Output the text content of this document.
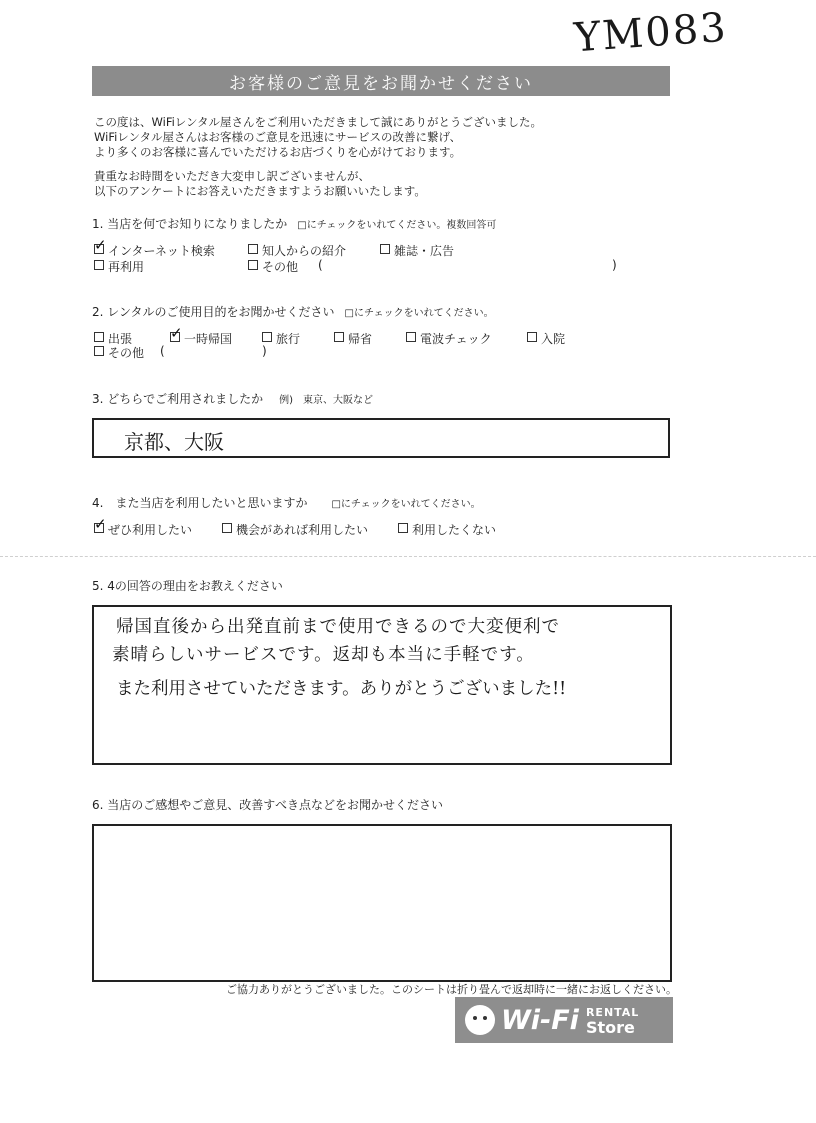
YM083
お客様のご意見をお聞かせください
この度は、WiFiレンタル屋さんをご利用いただきまして誠にありがとうございました。
WiFiレンタル屋さんはお客様のご意見を迅速にサービスの改善に繋げ、
より多くのお客様に喜んでいただけるお店づくりを心がけております。
貴重なお時間をいただき大変申し訳ございませんが、
以下のアンケートにお答えいただきますようお願いいたします。
1. 当店を何でお知りになりましたか □にチェックをいれてください。複数回答可
✓インターネット検索	知人からの紹介	雑誌・広告
再利用	その他 (	)
2. レンタルのご使用目的をお聞かせください □にチェックをいれてください。
出張
✓	一時帰国	旅行	帰省	電波チェック	入院
その他 (	)
3. どちらでご利用されましたか 例)　東京、大阪など
京都、大阪
4.　また当店を利用したいと思いますか □にチェックをいれてください。
✓ぜひ利用したい	機会があれば利用したい	利用したくない
5. 4の回答の理由をお教えください
帰国直後から出発直前まで使用できるので大変便利で
素晴らしいサービスです。返却も本当に手軽です。
また利用させていただきます。ありがとうございました!!
6. 当店のご感想やご意見、改善すべき点などをお聞かせください
ご協力ありがとうございました。このシートは折り畳んで返却時に一緒にお返しください。
Wi-Fi RENTAL
Store
